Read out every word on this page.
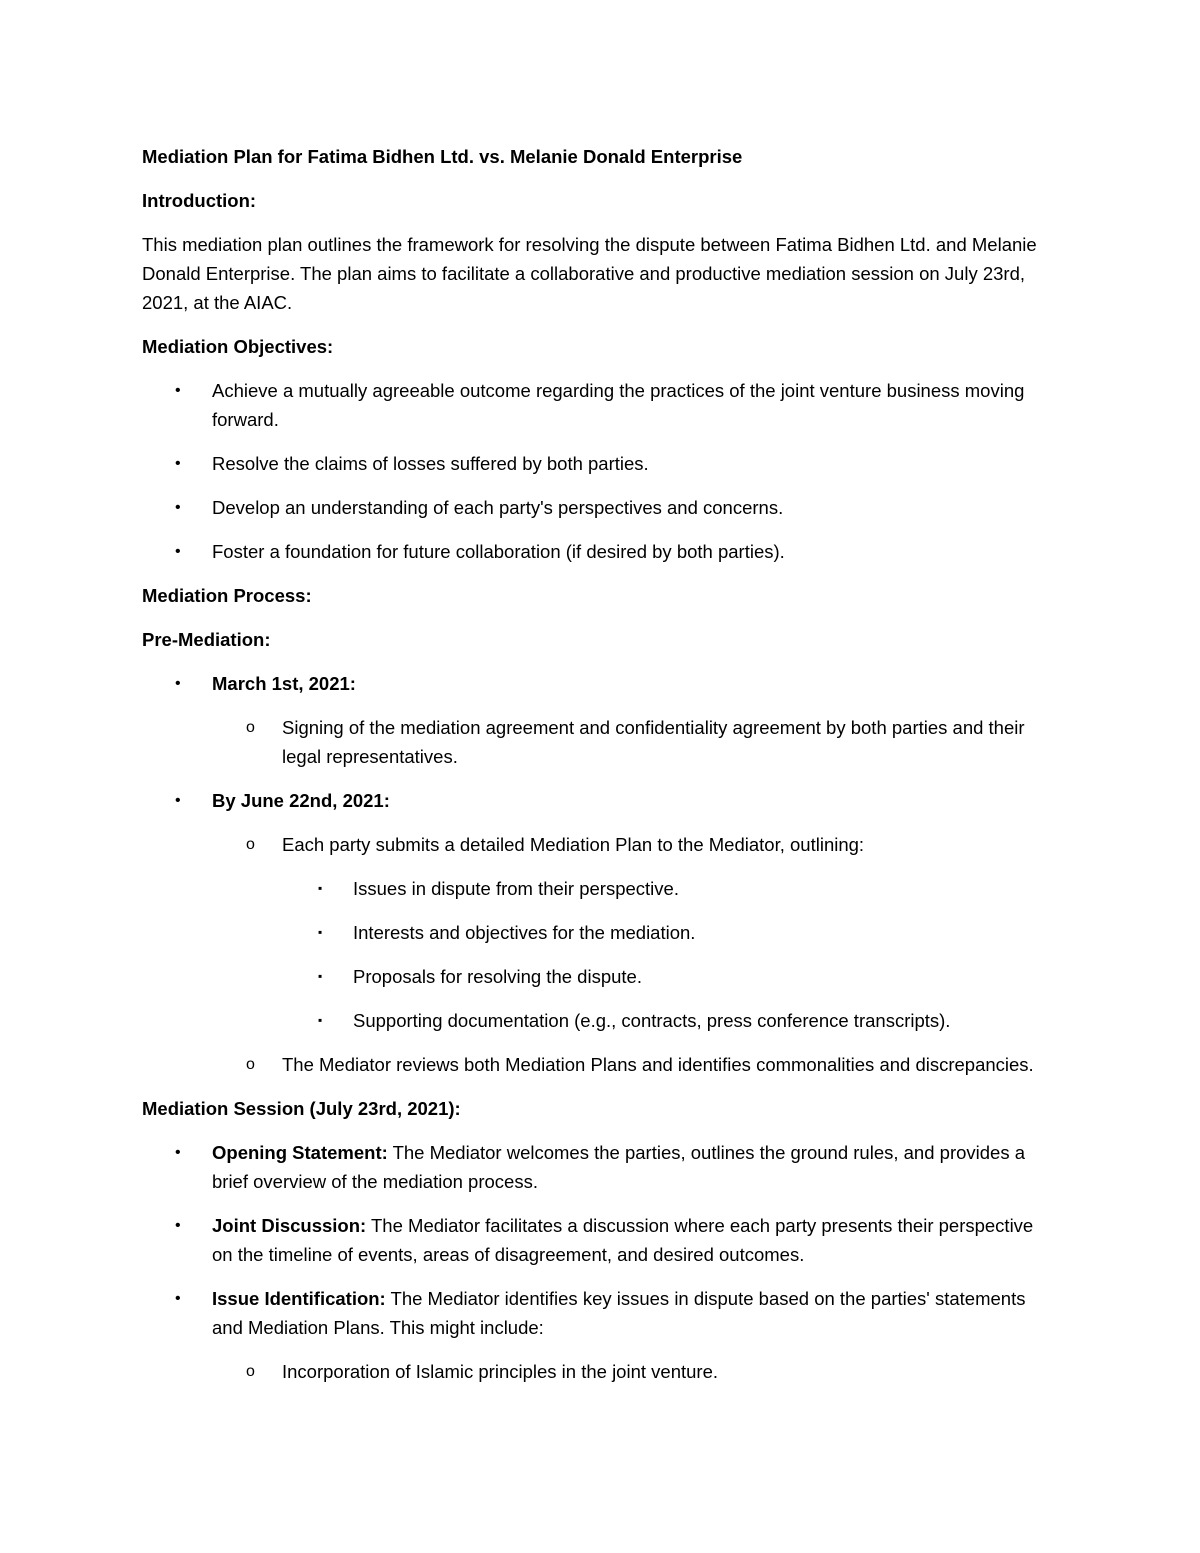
Mediation Plan for Fatima Bidhen Ltd. vs. Melanie Donald Enterprise
Introduction:
This mediation plan outlines the framework for resolving the dispute between Fatima Bidhen Ltd. and Melanie Donald Enterprise. The plan aims to facilitate a collaborative and productive mediation session on July 23rd, 2021, at the AIAC.
Mediation Objectives:
• Achieve a mutually agreeable outcome regarding the practices of the joint venture business moving forward.
• Resolve the claims of losses suffered by both parties.
• Develop an understanding of each party's perspectives and concerns.
• Foster a foundation for future collaboration (if desired by both parties).
Mediation Process:
Pre-Mediation:
• March 1st, 2021:
o Signing of the mediation agreement and confidentiality agreement by both parties and their legal representatives.
• By June 22nd, 2021:
o Each party submits a detailed Mediation Plan to the Mediator, outlining:
▪ Issues in dispute from their perspective.
▪ Interests and objectives for the mediation.
▪ Proposals for resolving the dispute.
▪ Supporting documentation (e.g., contracts, press conference transcripts).
o The Mediator reviews both Mediation Plans and identifies commonalities and discrepancies.
Mediation Session (July 23rd, 2021):
• Opening Statement: The Mediator welcomes the parties, outlines the ground rules, and provides a brief overview of the mediation process.
• Joint Discussion: The Mediator facilitates a discussion where each party presents their perspective on the timeline of events, areas of disagreement, and desired outcomes.
• Issue Identification: The Mediator identifies key issues in dispute based on the parties' statements and Mediation Plans. This might include:
o Incorporation of Islamic principles in the joint venture.
